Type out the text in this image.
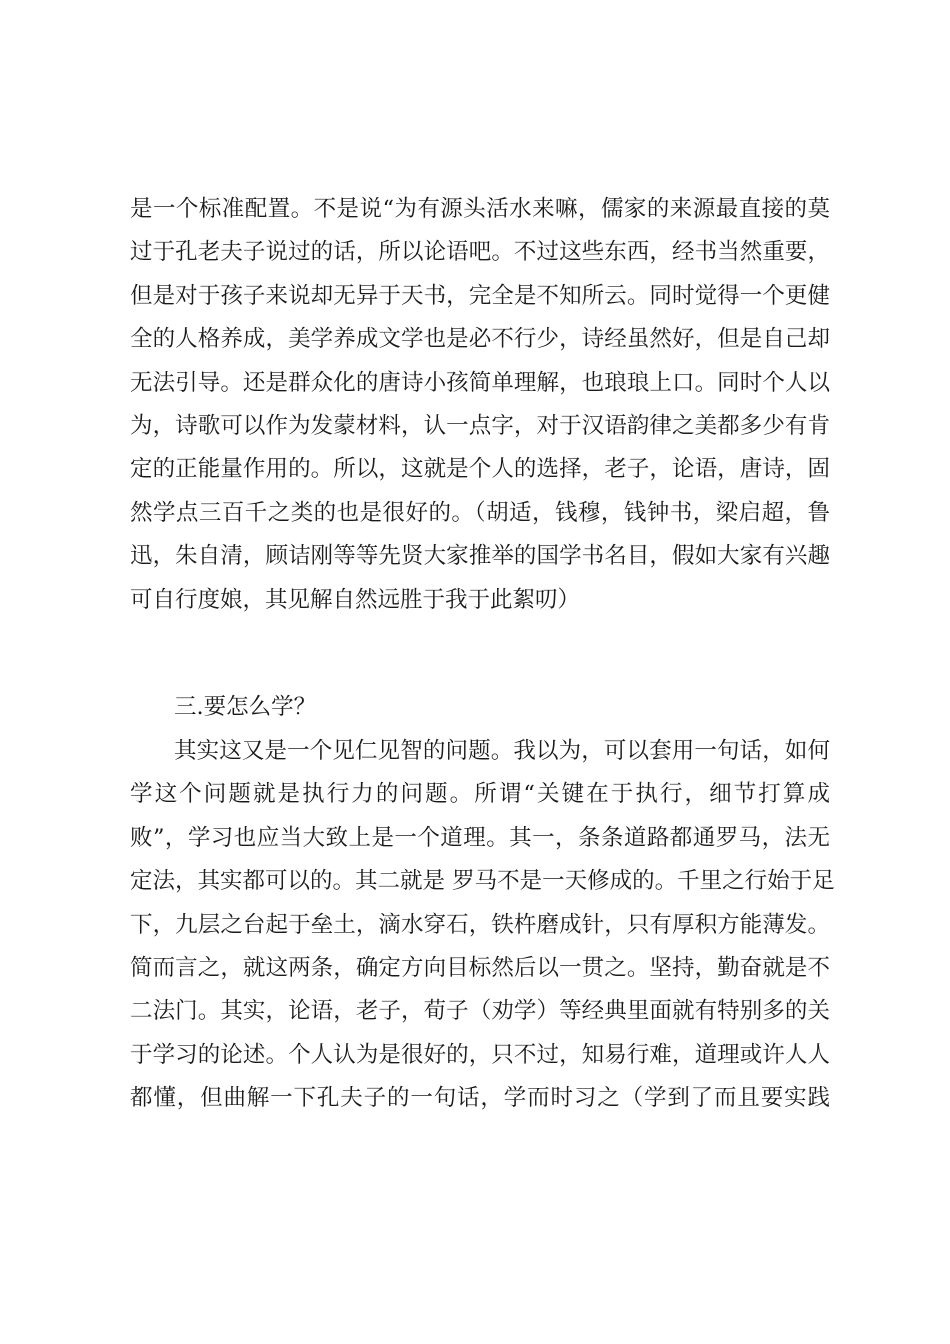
是一个标准配置。不是说“为有源头活水来嘛，儒家的来源最直接的莫
过于孔老夫子说过的话，所以论语吧。不过这些东西，经书当然重要，
但是对于孩子来说却无异于天书，完全是不知所云。同时觉得一个更健
全的人格养成，美学养成文学也是必不行少，诗经虽然好，但是自己却
无法引导。还是群众化的唐诗小孩简单理解，也琅琅上口。同时个人以
为，诗歌可以作为发蒙材料，认一点字，对于汉语韵律之美都多少有肯
定的正能量作用的。所以，这就是个人的选择，老子，论语，唐诗，固
然学点三百千之类的也是很好的。（胡适，钱穆，钱钟书，梁启超，鲁
迅，朱自清，顾诘刚等等先贤大家推举的国学书名目，假如大家有兴趣
可自行度娘，其见解自然远胜于我于此絮叨）
三.要怎么学？
其实这又是一个见仁见智的问题。我以为，可以套用一句话，如何
学这个问题就是执行力的问题。所谓“关键在于执行，细节打算成
败”，学习也应当大致上是一个道理。其一，条条道路都通罗马，法无
定法，其实都可以的。其二就是 罗马不是一天修成的。千里之行始于足
下，九层之台起于垒土，滴水穿石，铁杵磨成针，只有厚积方能薄发。
简而言之，就这两条，确定方向目标然后以一贯之。坚持，勤奋就是不
二法门。其实，论语，老子，荀子（劝学）等经典里面就有特别多的关
于学习的论述。个人认为是很好的，只不过，知易行难，道理或许人人
都懂，但曲解一下孔夫子的一句话，学而时习之（学到了而且要实践
